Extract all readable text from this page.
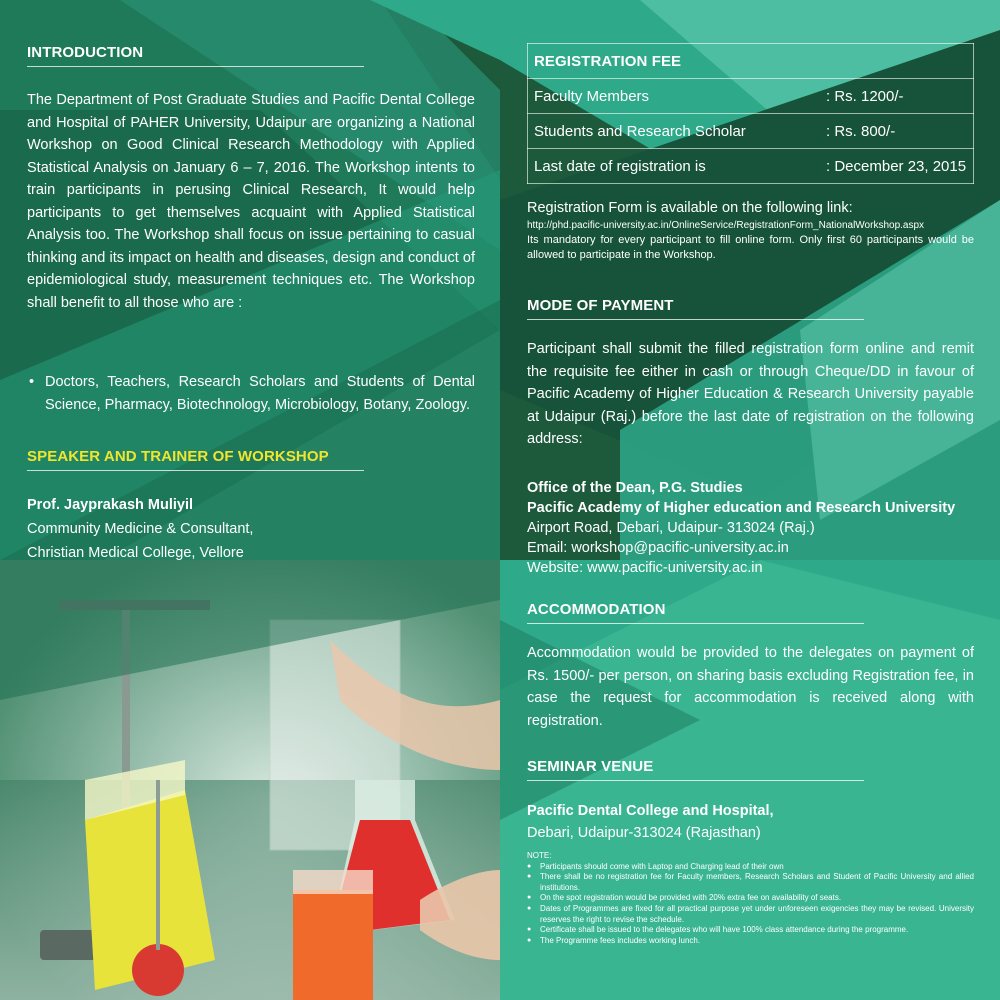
INTRODUCTION

The Department of Post Graduate Studies and Pacific Dental College and Hospital of PAHER University, Udaipur are organizing a National Workshop on Good Clinical Research Methodology with Applied Statistical Analysis on January 6 – 7, 2016. The Workshop intents to train participants in perusing Clinical Research, It would help participants to get themselves acquaint with Applied Statistical Analysis too. The Workshop shall focus on issue pertaining to casual thinking and its impact on health and diseases, design and conduct of epidemiological study, measurement techniques etc. The Workshop shall benefit to all those who are :

• Doctors, Teachers, Research Scholars and Students of Dental Science, Pharmacy, Biotechnology, Microbiology, Botany, Zoology.
SPEAKER AND TRAINER OF WORKSHOP
Prof. Jayprakash Muliyil
Community Medicine & Consultant,
Christian Medical College, Vellore
REGISTRATION FEE	
Faculty Members	: Rs. 1200/-
Students and Research Scholar	: Rs. 800/-
Last date of registration is	: December 23, 2015
Registration Form is available on the following link:
http://phd.pacific-university.ac.in/OnlineService/RegistrationForm_NationalWorkshop.aspx
Its mandatory for every participant to fill online form. Only first 60 participants would be allowed to participate in the Workshop.
MODE OF PAYMENT

Participant shall submit the filled registration form online and remit the requisite fee either in cash or through Cheque/DD in favour of Pacific Academy of Higher Education & Research University payable at Udaipur (Raj.) before the last date of registration on the following address:

Office of the Dean, P.G. Studies
Pacific Academy of Higher education and Research University
Airport Road, Debari, Udaipur- 313024 (Raj.)
Email: workshop@pacific-university.ac.in
Website: www.pacific-university.ac.in
ACCOMMODATION

Accommodation would be provided to the delegates on payment of Rs. 1500/- per person, on sharing basis excluding Registration fee, in case the request for accommodation is received along with registration.

SEMINAR VENUE
Pacific Dental College and Hospital,
Debari, Udaipur-313024 (Rajasthan)
NOTE:
● Participants should come with Laptop and Charging lead of their own
● There shall be no registration fee for Faculty members, Research Scholars and Student of Pacific University and allied institutions.
● On the spot registration would be provided with 20% extra fee on availability of seats.
● Dates of Programmes are fixed for all practical purpose yet under unforeseen exigencies they may be revised. University reserves the right to revise the schedule.
● Certificate shall be issued to the delegates who will have 100% class attendance during the programme.
● The Programme fees includes working lunch.
